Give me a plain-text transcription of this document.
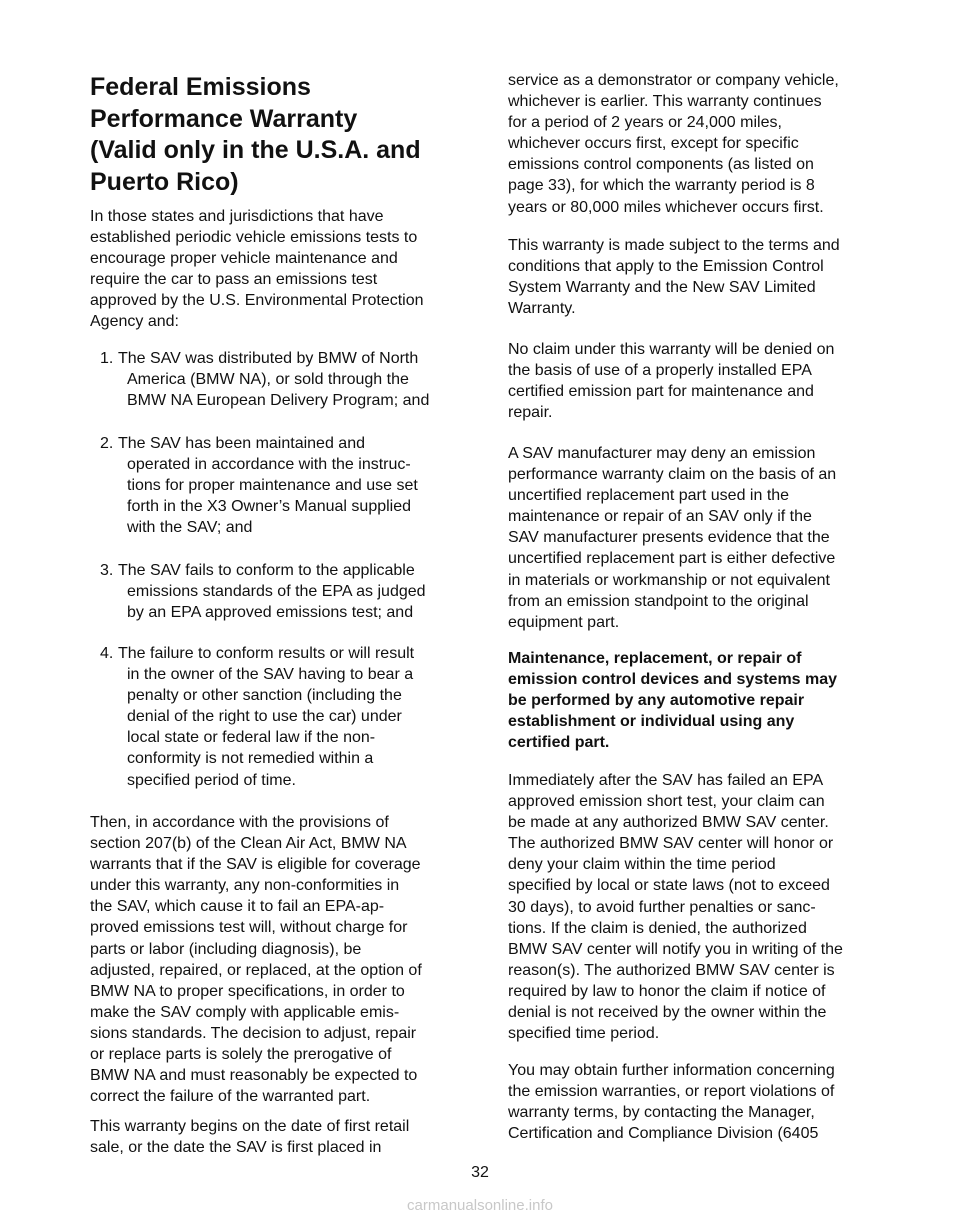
Federal Emissions
Performance Warranty
(Valid only in the U.S.A. and
Puerto Rico)
In those states and jurisdictions that have
established periodic vehicle emissions tests to
encourage proper vehicle maintenance and
require the car to pass an emissions test
approved by the U.S. Environmental Protection
Agency and:
1. The SAV was distributed by BMW of North
America (BMW NA), or sold through the
BMW NA European Delivery Program; and
2. The SAV has been maintained and
operated in accordance with the instruc-
tions for proper maintenance and use set
forth in the X3 Owner’s Manual supplied
with the SAV; and
3. The SAV fails to conform to the applicable
emissions standards of the EPA as judged
by an EPA approved emissions test; and
4. The failure to conform results or will result
in the owner of the SAV having to bear a
penalty or other sanction (including the
denial of the right to use the car) under
local state or federal law if the non-
conformity is not remedied within a
specified period of time.
Then, in accordance with the provisions of
section 207(b) of the Clean Air Act, BMW NA
warrants that if the SAV is eligible for coverage
under this warranty, any non-conformities in
the SAV, which cause it to fail an EPA-ap-
proved emissions test will, without charge for
parts or labor (including diagnosis), be
adjusted, repaired, or replaced, at the option of
BMW NA to proper specifications, in order to
make the SAV comply with applicable emis-
sions standards. The decision to adjust, repair
or replace parts is solely the prerogative of
BMW NA and must reasonably be expected to
correct the failure of the warranted part.
This warranty begins on the date of first retail
sale, or the date the SAV is first placed in
service as a demonstrator or company vehicle,
whichever is earlier. This warranty continues
for a period of 2 years or 24,000 miles,
whichever occurs first, except for specific
emissions control components (as listed on
page 33), for which the warranty period is 8
years or 80,000 miles whichever occurs first.
This warranty is made subject to the terms and
conditions that apply to the Emission Control
System Warranty and the New SAV Limited
Warranty.
No claim under this warranty will be denied on
the basis of use of a properly installed EPA
certified emission part for maintenance and
repair.
A SAV manufacturer may deny an emission
performance warranty claim on the basis of an
uncertified replacement part used in the
maintenance or repair of an SAV only if the
SAV manufacturer presents evidence that the
uncertified replacement part is either defective
in materials or workmanship or not equivalent
from an emission standpoint to the original
equipment part.
Maintenance, replacement, or repair of
emission control devices and systems may
be performed by any automotive repair
establishment or individual using any
certified part.
Immediately after the SAV has failed an EPA
approved emission short test, your claim can
be made at any authorized BMW SAV center.
The authorized BMW SAV center will honor or
deny your claim within the time period
specified by local or state laws (not to exceed
30 days), to avoid further penalties or sanc-
tions. If the claim is denied, the authorized
BMW SAV center will notify you in writing of the
reason(s). The authorized BMW SAV center is
required by law to honor the claim if notice of
denial is not received by the owner within the
specified time period.
You may obtain further information concerning
the emission warranties, or report violations of
warranty terms, by contacting the Manager,
Certification and Compliance Division (6405
32
carmanualsonline.info
